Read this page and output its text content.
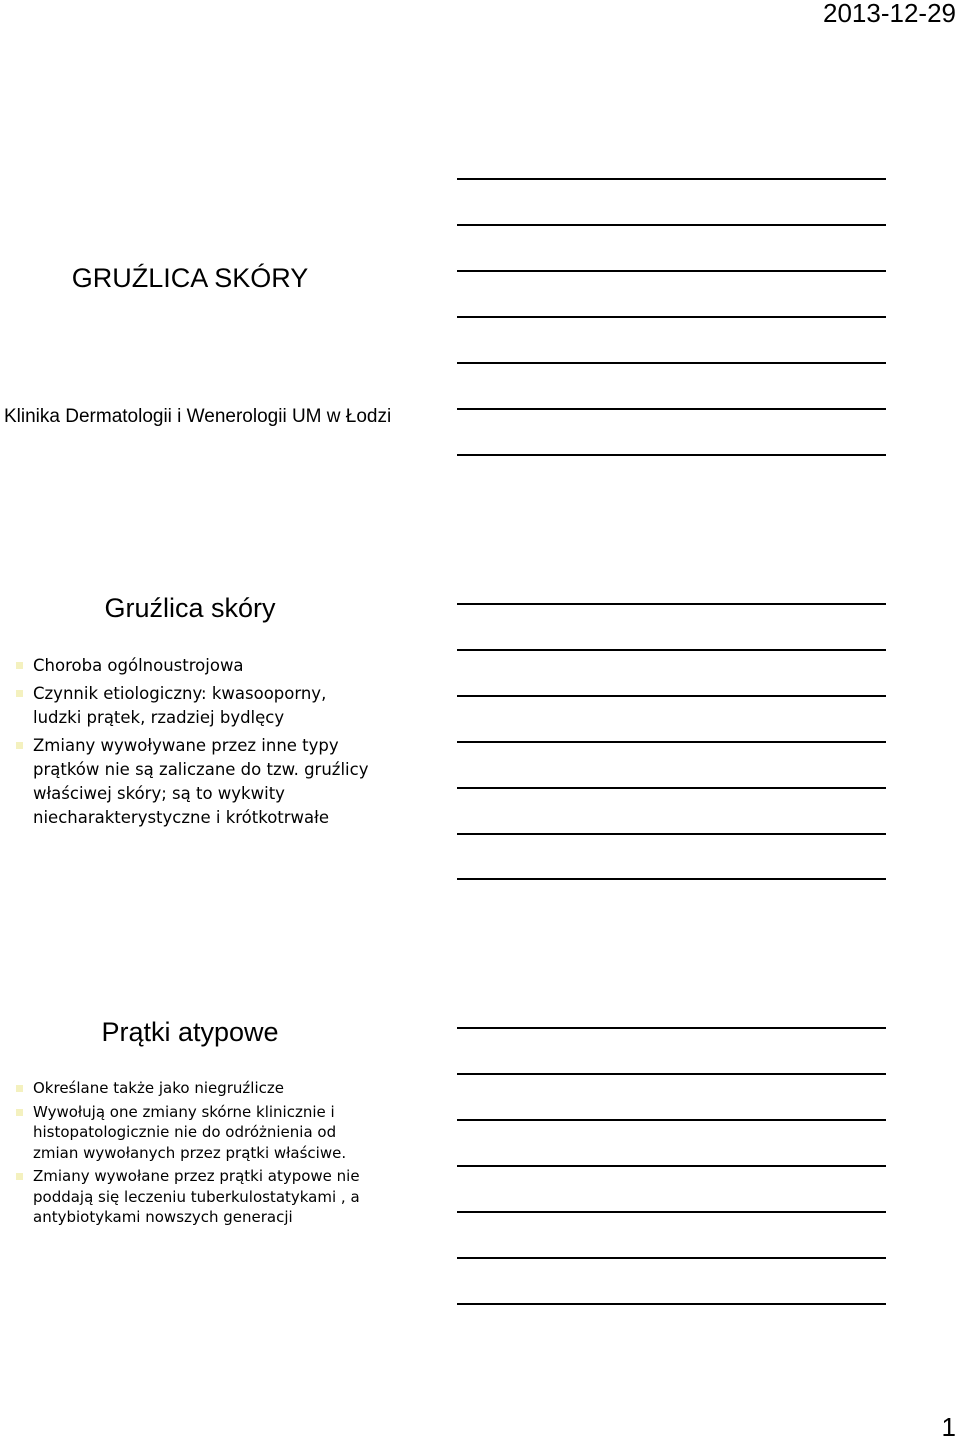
2013-12-29
GRUŹLICA SKÓRY
Klinika Dermatologii i Wenerologii UM w Łodzi
Gruźlica skóry
Choroba ogólnoustrojowa
Czynnik etiologiczny: kwasooporny, ludzki prątek, rzadziej bydlęcy
Zmiany wywoływane przez inne typy prątków nie są zaliczane do tzw. gruźlicy właściwej skóry; są to wykwity niecharakterystyczne i krótkotrwałe
Prątki atypowe
Określane także jako niegruźlicze
Wywołują one zmiany skórne klinicznie i histopatologicznie nie do odróżnienia od zmian wywołanych przez prątki właściwe.
Zmiany wywołane przez prątki atypowe nie poddają się leczeniu tuberkulostatykami , a antybiotykami nowszych generacji
1
